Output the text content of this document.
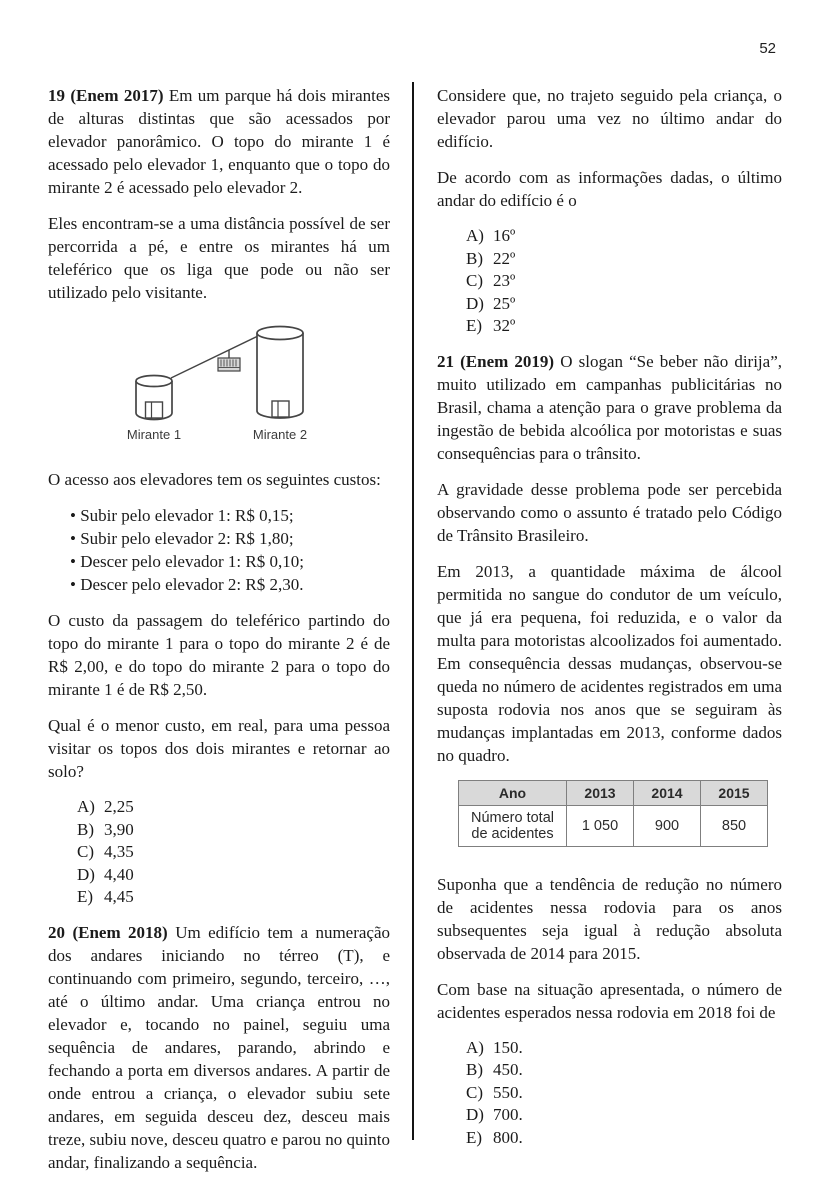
52

19 (Enem 2017) Em um parque há dois mirantes de alturas distintas que são acessados por elevador panorâmico. O topo do mirante 1 é acessado pelo elevador 1, enquanto que o topo do mirante 2 é acessado pelo elevador 2.

Eles encontram-se a uma distância possível de ser percorrida a pé, e entre os mirantes há um teleférico que os liga que pode ou não ser utilizado pelo visitante.

Mirante 1	Mirante 2

O acesso aos elevadores tem os seguintes custos:

• Subir pelo elevador 1: R$ 0,15;
• Subir pelo elevador 2: R$ 1,80;
• Descer pelo elevador 1: R$ 0,10;
• Descer pelo elevador 2: R$ 2,30.

O custo da passagem do teleférico partindo do topo do mirante 1 para o topo do mirante 2 é de R$ 2,00, e do topo do mirante 2 para o topo do mirante 1 é de R$ 2,50.

Qual é o menor custo, em real, para uma pessoa visitar os topos dos dois mirantes e retornar ao solo?

A) 2,25
B) 3,90
C) 4,35
D) 4,40
E) 4,45

20 (Enem 2018) Um edifício tem a numeração dos andares iniciando no térreo (T), e continuando com primeiro, segundo, terceiro, …, até o último andar. Uma criança entrou no elevador e, tocando no painel, seguiu uma sequência de andares, parando, abrindo e fechando a porta em diversos andares. A partir de onde entrou a criança, o elevador subiu sete andares, em seguida desceu dez, desceu mais treze, subiu nove, desceu quatro e parou no quinto andar, finalizando a sequência.

Considere que, no trajeto seguido pela criança, o elevador parou uma vez no último andar do edifício.

De acordo com as informações dadas, o último andar do edifício é o

A) 16º
B) 22º
C) 23º
D) 25º
E) 32º

21 (Enem 2019) O slogan “Se beber não dirija”, muito utilizado em campanhas publicitárias no Brasil, chama a atenção para o grave problema da ingestão de bebida alcoólica por motoristas e suas consequências para o trânsito.

A gravidade desse problema pode ser percebida observando como o assunto é tratado pelo Código de Trânsito Brasileiro.

Em 2013, a quantidade máxima de álcool permitida no sangue do condutor de um veículo, que já era pequena, foi reduzida, e o valor da multa para motoristas alcoolizados foi aumentado. Em consequência dessas mudanças, observou-se queda no número de acidentes registrados em uma suposta rodovia nos anos que se seguiram às mudanças implantadas em 2013, conforme dados no quadro.

Ano	2013	2014	2015
Número total de acidentes	1 050	900	850

Suponha que a tendência de redução no número de acidentes nessa rodovia para os anos subsequentes seja igual à redução absoluta observada de 2014 para 2015.

Com base na situação apresentada, o número de acidentes esperados nessa rodovia em 2018 foi de

A) 150.
B) 450.
C) 550.
D) 700.
E) 800.
